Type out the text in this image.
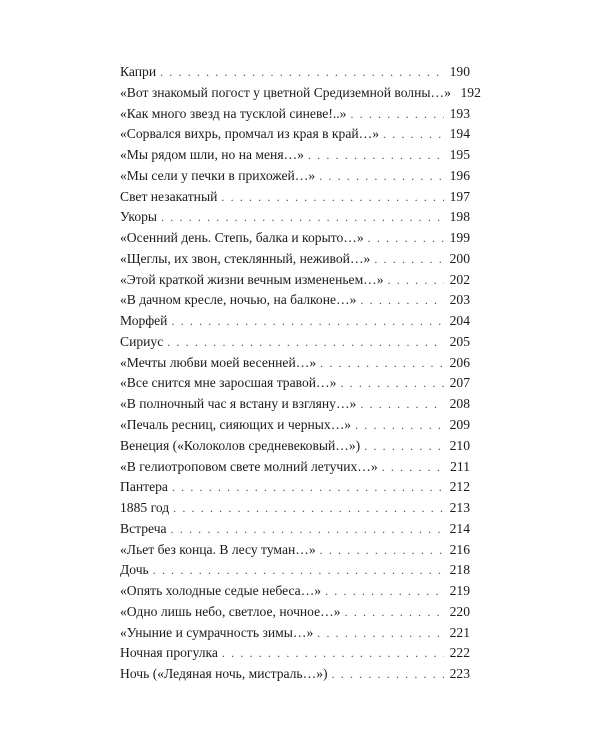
Капри . . .	190
«Вот знакомый погост у цветной Средиземной волны…» 192
«Как много звезд на тусклой синеве!..» . . .	193
«Сорвался вихрь, промчал из края в край…» . . .	194
«Мы рядом шли, но на меня…» . . .	195
«Мы сели у печки в прихожей…» . . .	196
Свет незакатный . . .	197
Укоры . . .	198
«Осенний день. Степь, балка и корыто…» . . .	199
«Щеглы, их звон, стеклянный, неживой…» . . .	200
«Этой краткой жизни вечным измененьем…» . . .	202
«В дачном кресле, ночью, на балконе…» . . .	203
Морфей . . .	204
Сириус . . .	205
«Мечты любви моей весенней…» . . .	206
«Все снится мне заросшая травой…» . . .	207
«В полночный час я встану и взгляну…» . . .	208
«Печаль ресниц, сияющих и черных…» . . .	209
Венеция («Колоколов средневековый…») . . .	210
«В гелиотроповом свете молний летучих…» . . .	211
Пантера . . .	212
1885 год . . .	213
Встреча . . .	214
«Льет без конца. В лесу туман…» . . .	216
Дочь . . .	218
«Опять холодные седые небеса…» . . .	219
«Одно лишь небо, светлое, ночное…» . . .	220
«Уныние и сумрачность зимы…» . . .	221
Ночная прогулка . . .	222
Ночь («Ледяная ночь, мистраль…») . . .	223
